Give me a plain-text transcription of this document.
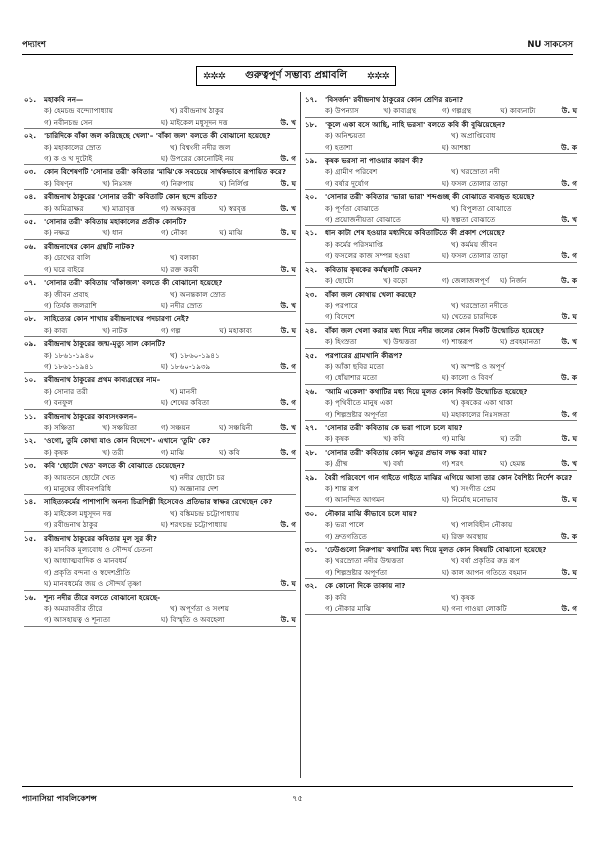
পদ্যাংশ	NU সাকসেস
✲✲✲ গুরুত্বপূর্ণ সম্ভাব্য প্রশ্নাবলি ✲✲✲
০১.	মহাকবি নন—
ক) হেমচন্দ্র বন্দ্যোপাধ্যায়	খ) রবীন্দ্রনাথ ঠাকুর
গ) নবীনচন্দ্র সেন	ঘ) মাইকেল মধুসূদন দত্ত	উ. খ
০২.	'চারিদিকে বাঁকা জল করিছেছে খেলা'– 'বাঁকা জল' বলতে কী বোঝানো হয়েছে?
ক) মহাকালের স্রোত	খ) বিশ্বংসী নদীর জল
গ) ক ও খ দুটোই	ঘ) উপরের কোনোটিই নয়	উ. গ
০৩.	কোন বিশেষণটি 'সোনার তরী' কবিতার 'মাঝি'কে সবচেয়ে সার্থকভাবে রূপায়িত করে?
ক) বিষণ্ন	খ) নিঃসঙ্গ	গ) নিরুপায়	ঘ) নির্লিপ্ত	উ. ঘ
০৪.	রবীন্দ্রনাথ ঠাকুরের 'সোনার তরী' কবিতাটি কোন ছন্দে রচিত?
ক) অমিত্রাক্ষর	খ) মাত্রাবৃত্ত	গ) অক্ষরবৃত্ত	ঘ) স্বরবৃত্ত	উ. খ
০৫.	'সোনার তরী' কবিতায় মহাকালের প্রতীক কোনটি?
ক) নক্ষত্র	খ) ধান	গ) নৌকা	ঘ) মাঝি	উ. ঘ
০৬.	রবীন্দ্রনাথের কোন গ্রন্থটি নাটক?
ক) চোখের বালি	খ) বলাকা
গ) ঘরে বাইরে	ঘ) রক্ত করবী	উ. ঘ
০৭.	'সোনার তরী' কবিতায় 'বাঁকাজল' বলতে কী বোঝানো হয়েছে?
ক) জীবন প্রবাহ	খ) অনন্তকাল স্রোত
গ) তির্যক জলরাশি	ঘ) নদীর স্রোত	উ. খ
০৮.	সাহিত্যের কোন শাখায় রবীন্দ্রনাথের পদচারণা নেই?
ক) কাব্য	খ) নাটক	গ) গল্প	ঘ) মহাকাব্য	উ. ঘ
০৯.	রবীন্দ্রনাথ ঠাকুরের জন্ম-মৃত্যু সাল কোনটি?
ক) ১৮৬১-১৯৪০	খ) ১৮৬০-১৯৪১
গ) ১৮৬১-১৯৪১	ঘ) ১৮৬০-১৯৩৯	উ. গ
১০.	রবীন্দ্রনাথ ঠাকুরের প্রথম কাব্যগ্রন্থের নাম–
ক) সোনার তরী	খ) মানসী
গ) বনফুল	ঘ) শেষের কবিতা	উ. গ
১১.	রবীন্দ্রনাথ ঠাকুরের কাব্যসংকলন–
ক) সঞ্চিতা	খ) সঞ্চয়িতা	গ) সঞ্চয়ন	ঘ) সঞ্চয়িনী	উ. খ
১২.	'ওগো, তুমি কোথা যাও কোন বিদেশে'- এখানে 'তুমি' কে?
ক) কৃষক	খ) তরী	গ) মাঝি	ঘ) কবি	উ. গ
১৩.	কবি 'ছোটো খেত' বলতে কী বোঝাতে চেয়েছেন?
ক) আয়তনে ছোটো খেত	খ) নদীর ছোটো চর
গ) মানুষের জীবনপরিধি	ঘ) অজ্ঞানার দেশ
১৪.	সাহিত্যকর্মের পাশাপাশি অনন্য চিত্রশিল্পী হিসেবেও প্রতিভার স্বাক্ষর রেখেছেন কে?
ক) মাইকেল মধুসূদন দত্ত	খ) বঙ্কিমচন্দ্র চট্টোপাধ্যায়
গ) রবীন্দ্রনাথ ঠাকুর	ঘ) শরৎচন্দ্র চট্টোপাধ্যায়	উ. গ
১৫.	রবীন্দ্রনাথ ঠাকুরের কবিতার মূল সুর কী?
ক) মানবিক মূল্যবোধ ও সৌন্দর্য চেতনা
খ) আধ্যাত্মবাদিক ও মানবধর্ম
গ) প্রকৃতি বন্দনা ও স্বদেশপ্রীতি
ঘ) মানবধর্মের জয় ও সৌন্দর্য তৃষ্ণা	উ. ঘ
১৬.	শূন্য নদীর তীরে বলতে বোঝানো হয়েছে-
ক) অমরাবতীর তীরে	খ) অপূর্ণতা ও সংশয়
গ) আসহায়ত্ব ও শূন্যতা	ঘ) বিস্মৃতি ও অবহেলা	উ. ঘ
১৭.	'বিসর্জন' রবীন্দ্রনাথ ঠাকুরের কোন শ্রেণির রচনা?
ক) উপন্যাস	খ) কাব্যগ্রন্থ	গ) গল্পগ্রন্থ	ঘ) কাব্যনাট্য	উ. ঘ
১৮.	'কূলে একা বসে আছি, নাহি ভরসা' বলতে কবি কী বুঝিয়েছেন?
ক) অনিশ্চয়তা	খ) অপ্রাপ্তিবোধ
গ) হতাশা	ঘ) আশঙ্কা	উ. ক
১৯.	কৃষক ভরসা না পাওয়ার কারণ কী?
ক) গ্রামীণ পরিবেশ	খ) খরস্রোতা নদী
গ) বর্ষার দুর্যোগ	ঘ) ফসল তোলার তাড়া	উ. গ
২০.	'সোনার তরী' কবিতার 'ভারা ভারা' শব্দগুচ্ছ কী বোঝাতে ব্যবহৃত হয়েছে?
ক) পূর্ণতা বোঝাতে	খ) বিপুলতা বোঝাতে
গ) প্রয়োজনীয়তা বোঝাতে	ঘ) স্বল্পতা বোঝাতে	উ. খ
২১.	ধান কাটা শেষ হওয়ার মধ্যদিয়ে কবিতাটিতে কী প্রকাশ পেয়েছে?
ক) কর্মের পরিসমাপ্তি	খ) কর্মময় জীবন
গ) ফসলের কাজ সম্পন্ন হওয়া	ঘ) ফসল তোলার তাড়া	উ. গ
২২.	কবিতায় কৃষকের কর্মস্থলটি কেমন?
ক) ছোটো	খ) বড়ো	গ) জেলাজলপূর্ণ	ঘ) নির্জন	উ. ক
২৩.	বাঁকা জল কোথায় খেলা করছে?
ক) পরপারে	খ) খরস্রোতা নদীতে
গ) বিদেশে	ঘ) খেতের চারদিকে	উ. ঘ
২৪.	বাঁকা জল খেলা করার মধ্য দিয়ে নদীর জলের কোন দিকটি উন্মোচিত হয়েছে?
ক) হিংস্রতা	খ) উন্মত্ততা	গ) শান্তরূপ	ঘ) প্রবহমানতা	উ. খ
২৫.	পরপারের গ্রামখানি কীরূপ?
ক) আঁকা ছবির মতো	খ) অস্পষ্ট ও অপূর্ণ
গ) ধোঁয়াশার মতো	ঘ) কালো ও বিবর্ণ	উ. ক
২৬.	'আমি একেলা' কথাটির মধ্য দিয়ে মূলত কোন দিকটি উন্মোচিত হয়েছে?
ক) পৃথিবীতে মানুষ একা	খ) কৃষকের একা থাকা
গ) শিল্পস্রষ্টার অপূর্ণতা	ঘ) মহাকালের নিঃসঙ্গতা	উ. গ
২৭.	'সোনার তরী' কবিতায় কে ভরা পালে চলে যায়?
ক) কৃষক	খ) কবি	গ) মাঝি	ঘ) তরী	উ. ঘ
২৮.	'সোনার তরী' কবিতায় কোন ঋতুর প্রভাব লক্ষ করা যায়?
ক) গ্রীষ্ম	খ) বর্ষা	গ) শরৎ	ঘ) হেমন্ত	উ. খ
২৯.	বৈরী পরিবেশে গান গাইতে গাইতে মাঝির এগিয়ে আসা তার কোন বৈশিষ্ট্য নির্দেশ করে?
ক) শান্ত রূপ	খ) সংগীত প্রেম
গ) আনন্দিত আগমন	ঘ) নির্মোহ মনোভাব	উ. ঘ
৩০.	নৌকার মাঝি কীভাবে চলে যায়?
ক) ভরা পালে	খ) পালবিহীন নৌকায়
গ) দ্রুতগতিতে	ঘ) রিক্ত অবস্থায়	উ. ক
৩১.	'ঢেউগুলো নিরুপায়' কথাটির মধ্য দিয়ে মূলত কোন বিষয়টি বোঝানো হয়েছে?
ক) খরস্রোতা নদীর উন্মত্ততা	খ) বর্ষা প্রকৃতির রুদ্র রূপ
গ) শিল্পস্রষ্টার অপূর্ণতা	ঘ) কাল আপন গতিতে বহমান	উ. ঘ
৩২.	কে কোনো দিকে তাকায় না?
ক) কবি	খ) কৃষক
গ) নৌকার মাঝি	ঘ) গনা গাওয়া লোকটি	উ. গ
প্যানাসিয়া পাবলিকেশন্স	৭৫
